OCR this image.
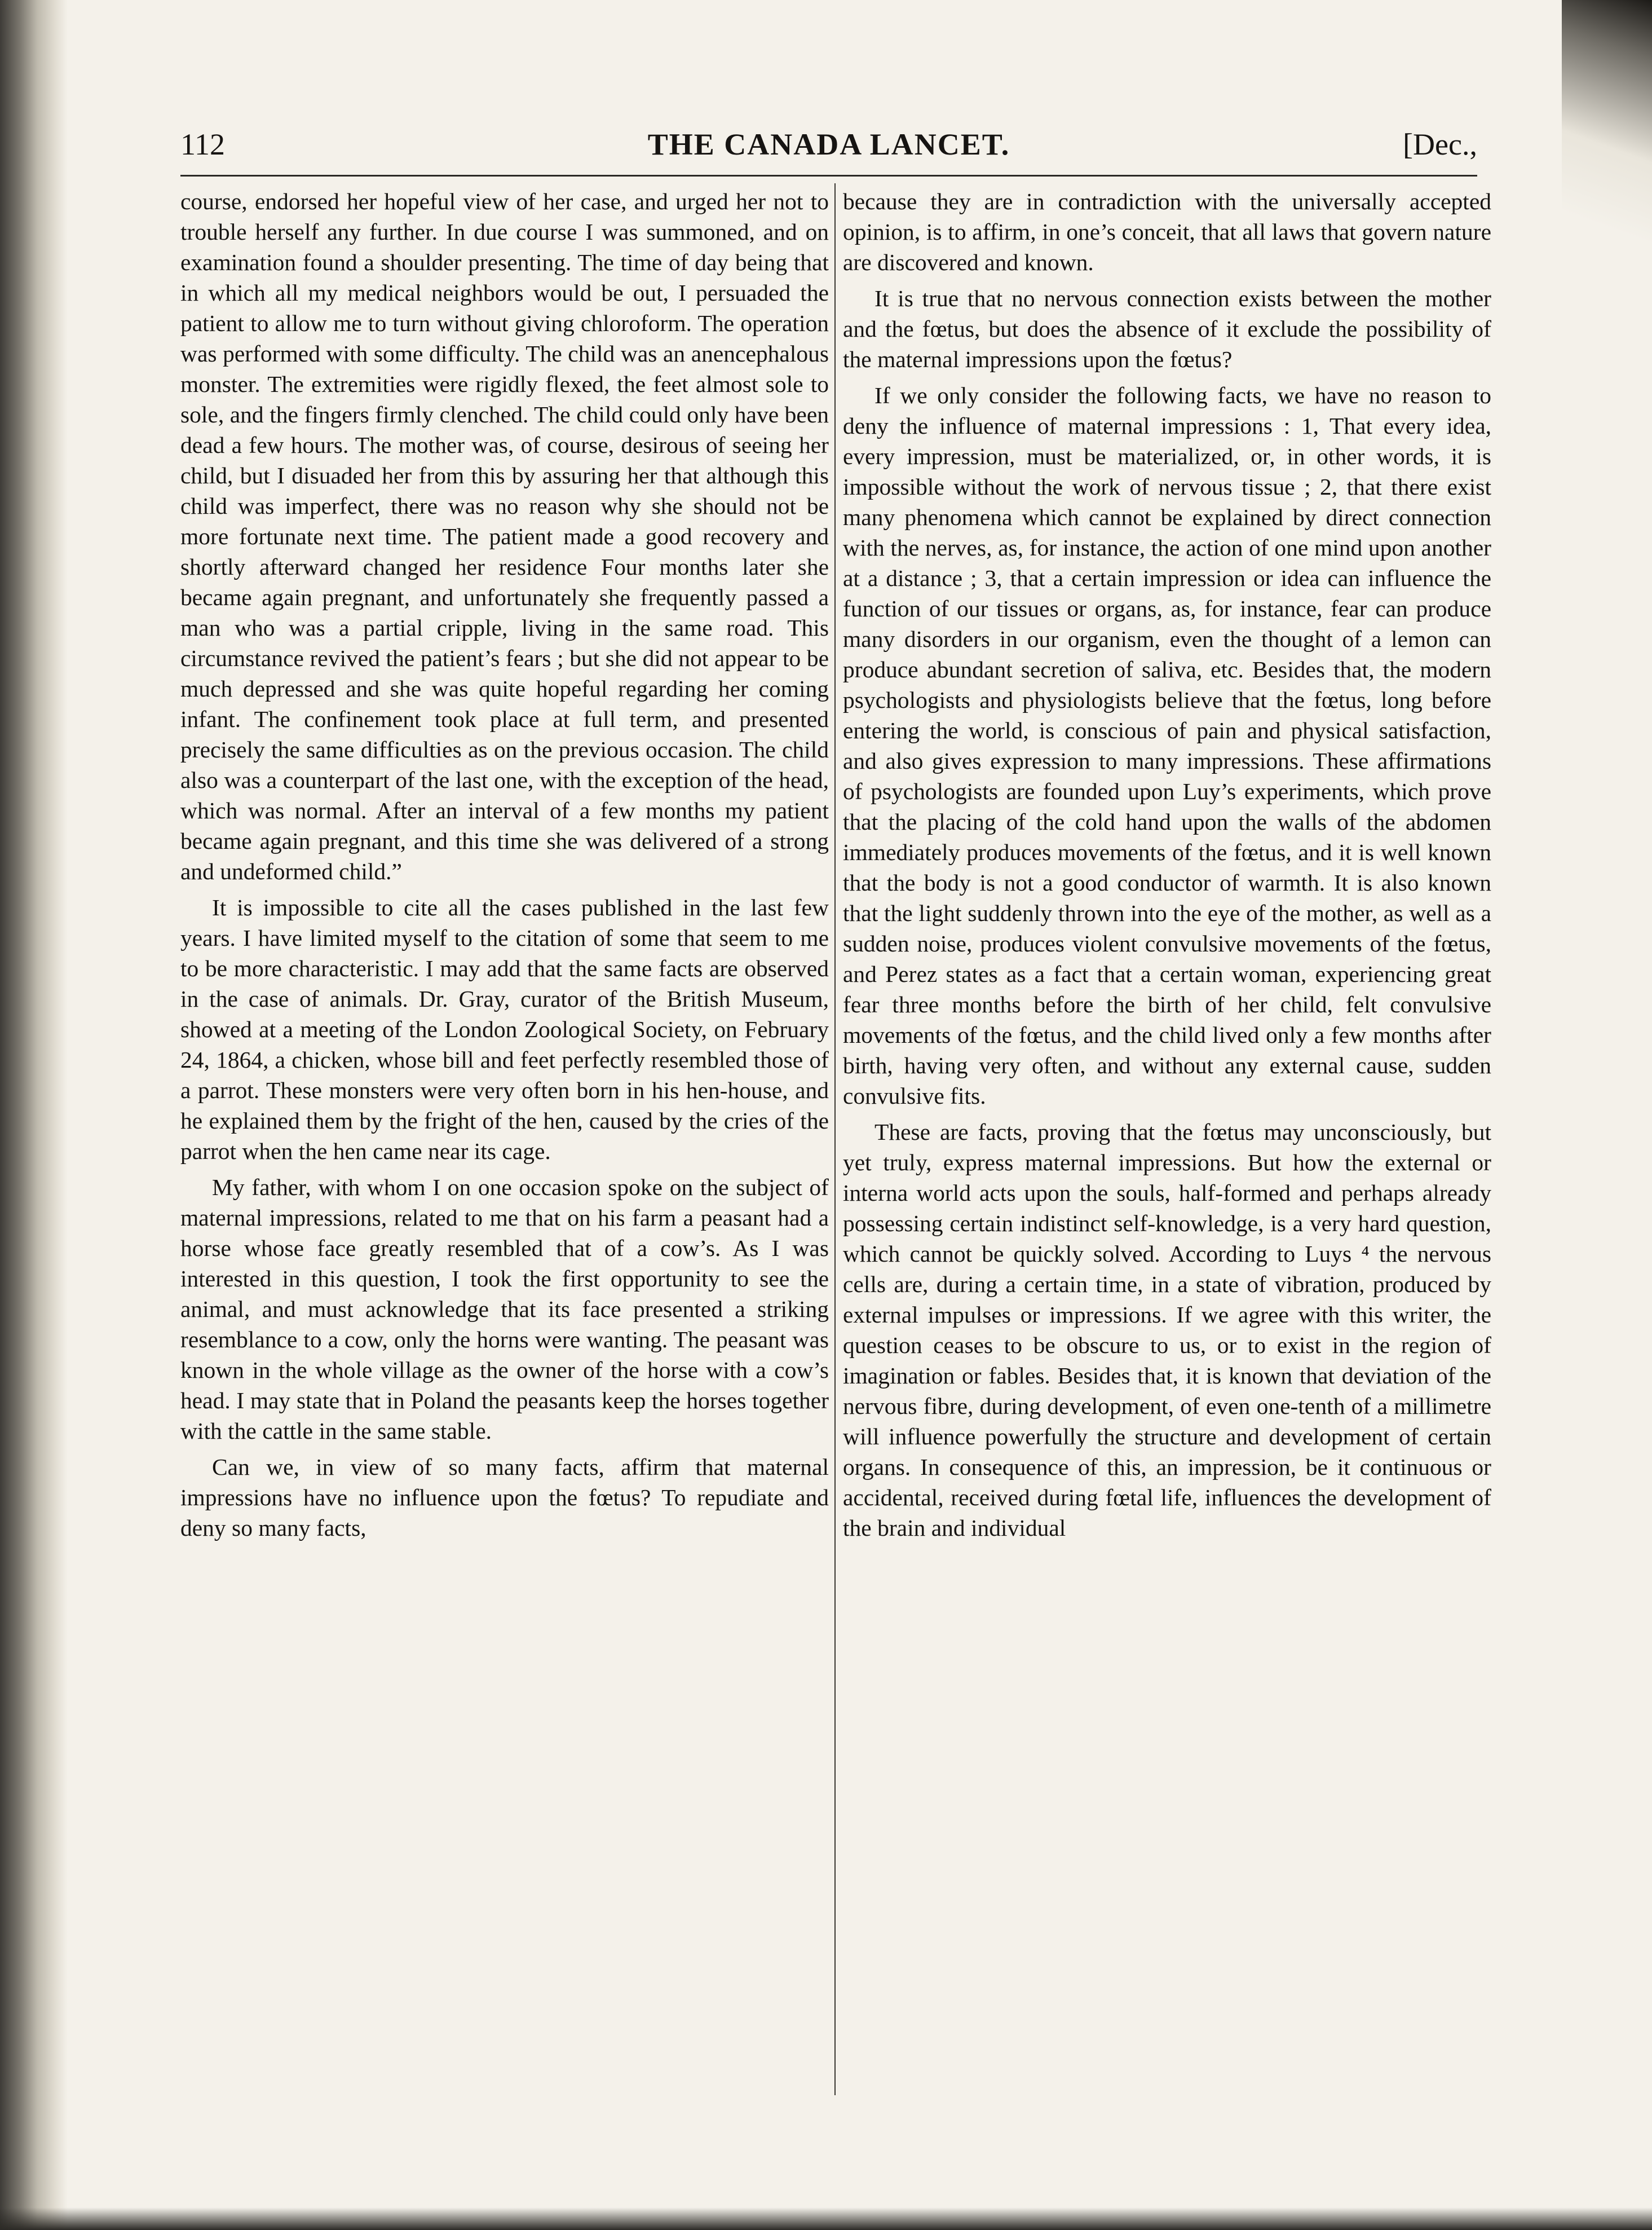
112	THE CANADA LANCET.	[Dec.,

course, endorsed her hopeful view of her case, and urged her not to trouble herself any further. In due course I was summoned, and on examination found a shoulder presenting. The time of day being that in which all my medical neighbors would be out, I persuaded the patient to allow me to turn without giving chloroform. The operation was performed with some difficulty. The child was an anencephalous monster. The extremities were rigidly flexed, the feet almost sole to sole, and the fingers firmly clenched. The child could only have been dead a few hours. The mother was, of course, desirous of seeing her child, but I disuaded her from this by assuring her that although this child was imperfect, there was no reason why she should not be more fortunate next time. The patient made a good recovery and shortly afterward changed her residence Four months later she became again pregnant, and unfortunately she frequently passed a man who was a partial cripple, living in the same road. This circumstance revived the patient’s fears ; but she did not appear to be much depressed and she was quite hopeful regarding her coming infant. The confinement took place at full term, and presented precisely the same difficulties as on the previous occasion. The child also was a counterpart of the last one, with the exception of the head, which was normal. After an interval of a few months my patient became again pregnant, and this time she was delivered of a strong and undeformed child.”

It is impossible to cite all the cases published in the last few years. I have limited myself to the citation of some that seem to me to be more characteristic. I may add that the same facts are observed in the case of animals. Dr. Gray, curator of the British Museum, showed at a meeting of the London Zoological Society, on February 24, 1864, a chicken, whose bill and feet perfectly resembled those of a parrot. These monsters were very often born in his hen-house, and he explained them by the fright of the hen, caused by the cries of the parrot when the hen came near its cage.

My father, with whom I on one occasion spoke on the subject of maternal impressions, related to me that on his farm a peasant had a horse whose face greatly resembled that of a cow’s. As I was interested in this question, I took the first opportunity to see the animal, and must acknowledge that its face presented a striking resemblance to a cow, only the horns were wanting. The peasant was known in the whole village as the owner of the horse with a cow’s head. I may state that in Poland the peasants keep the horses together with the cattle in the same stable.

Can we, in view of so many facts, affirm that maternal impressions have no influence upon the fœtus? To repudiate and deny so many facts,

because they are in contradiction with the universally accepted opinion, is to affirm, in one’s conceit, that all laws that govern nature are discovered and known.

It is true that no nervous connection exists between the mother and the fœtus, but does the absence of it exclude the possibility of the maternal impressions upon the fœtus?

If we only consider the following facts, we have no reason to deny the influence of maternal impressions : 1, That every idea, every impression, must be materialized, or, in other words, it is impossible without the work of nervous tissue ; 2, that there exist many phenomena which cannot be explained by direct connection with the nerves, as, for instance, the action of one mind upon another at a distance ; 3, that a certain impression or idea can influence the function of our tissues or organs, as, for instance, fear can produce many disorders in our organism, even the thought of a lemon can produce abundant secretion of saliva, etc. Besides that, the modern psychologists and physiologists believe that the fœtus, long before entering the world, is conscious of pain and physical satisfaction, and also gives expression to many impressions. These affirmations of psychologists are founded upon Luy’s experiments, which prove that the placing of the cold hand upon the walls of the abdomen immediately produces movements of the fœtus, and it is well known that the body is not a good conductor of warmth. It is also known that the light suddenly thrown into the eye of the mother, as well as a sudden noise, produces violent convulsive movements of the fœtus, and Perez states as a fact that a certain woman, experiencing great fear three months before the birth of her child, felt convulsive movements of the fœtus, and the child lived only a few months after birth, having very often, and without any external cause, sudden convulsive fits.

These are facts, proving that the fœtus may unconsciously, but yet truly, express maternal impressions. But how the external or interna world acts upon the souls, half-formed and perhaps already possessing certain indistinct self-knowledge, is a very hard question, which cannot be quickly solved. According to Luys ⁴ the nervous cells are, during a certain time, in a state of vibration, produced by external impulses or impressions. If we agree with this writer, the question ceases to be obscure to us, or to exist in the region of imagination or fables. Besides that, it is known that deviation of the nervous fibre, during development, of even one-tenth of a millimetre will influence powerfully the structure and development of certain organs. In consequence of this, an impression, be it continuous or accidental, received during fœtal life, influences the development of the brain and individual
